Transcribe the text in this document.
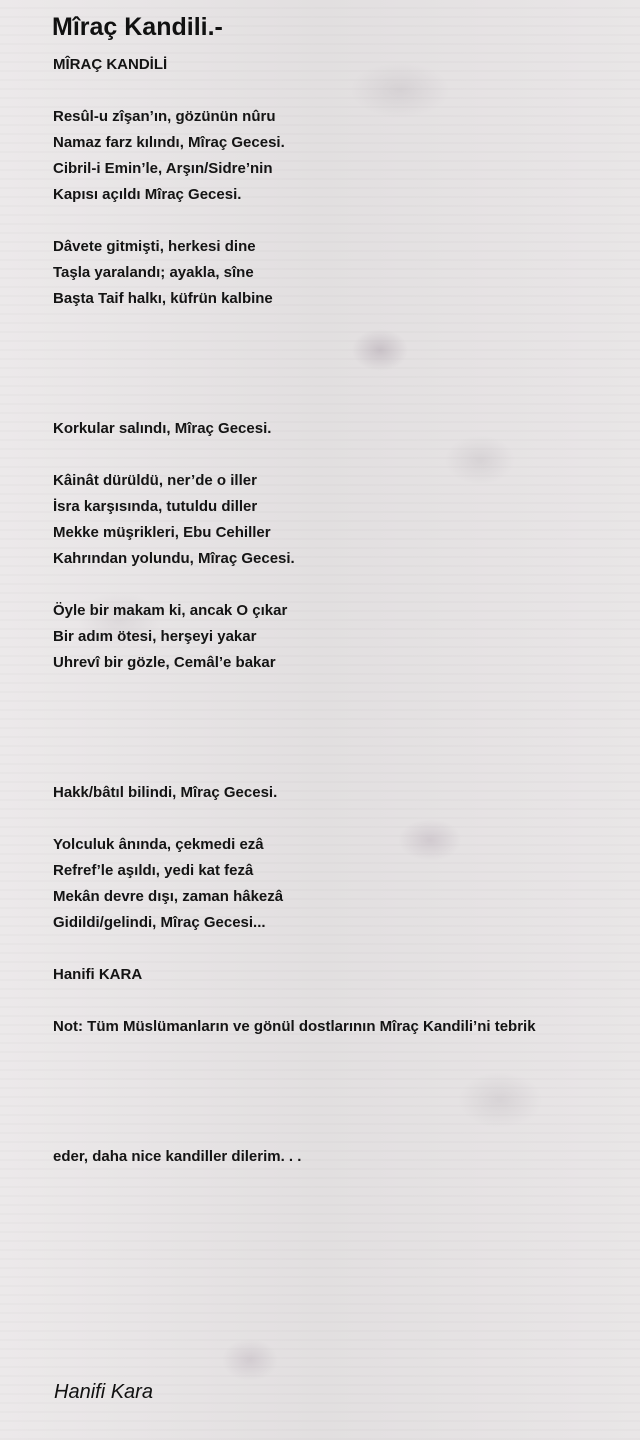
Mîraç Kandili.-
MÎRAÇ KANDİLİ

Resûl-u zîşan’ın, gözünün nûru
Namaz farz kılındı, Mîraç Gecesi.
Cibril-i Emin’le, Arşın/Sidre’nin
Kapısı açıldı Mîraç Gecesi.

Dâvete gitmişti, herkesi dine
Taşla yaralandı; ayakla, sîne
Başta Taif halkı, küfrün kalbine

Korkular salındı, Mîraç Gecesi.

Kâinât dürüldü, ner’de o iller
İsra karşısında, tutuldu diller
Mekke müşrikleri, Ebu Cehiller
Kahrından yolundu, Mîraç Gecesi.

Öyle bir makam ki, ancak O çıkar
Bir adım ötesi, herşeyi yakar
Uhrevî bir gözle, Cemâl’e bakar

Hakk/bâtıl bilindi, Mîraç Gecesi.

Yolculuk ânında, çekmedi ezâ
Refref’le aşıldı, yedi kat fezâ
Mekân devre dışı, zaman hâkezâ
Gidildi/gelindi, Mîraç Gecesi...

Hanifi KARA

Not: Tüm Müslümanların ve gönül dostlarının Mîraç Kandili’ni tebrik

eder, daha nice kandiller dilerim. . .
Hanifi Kara
